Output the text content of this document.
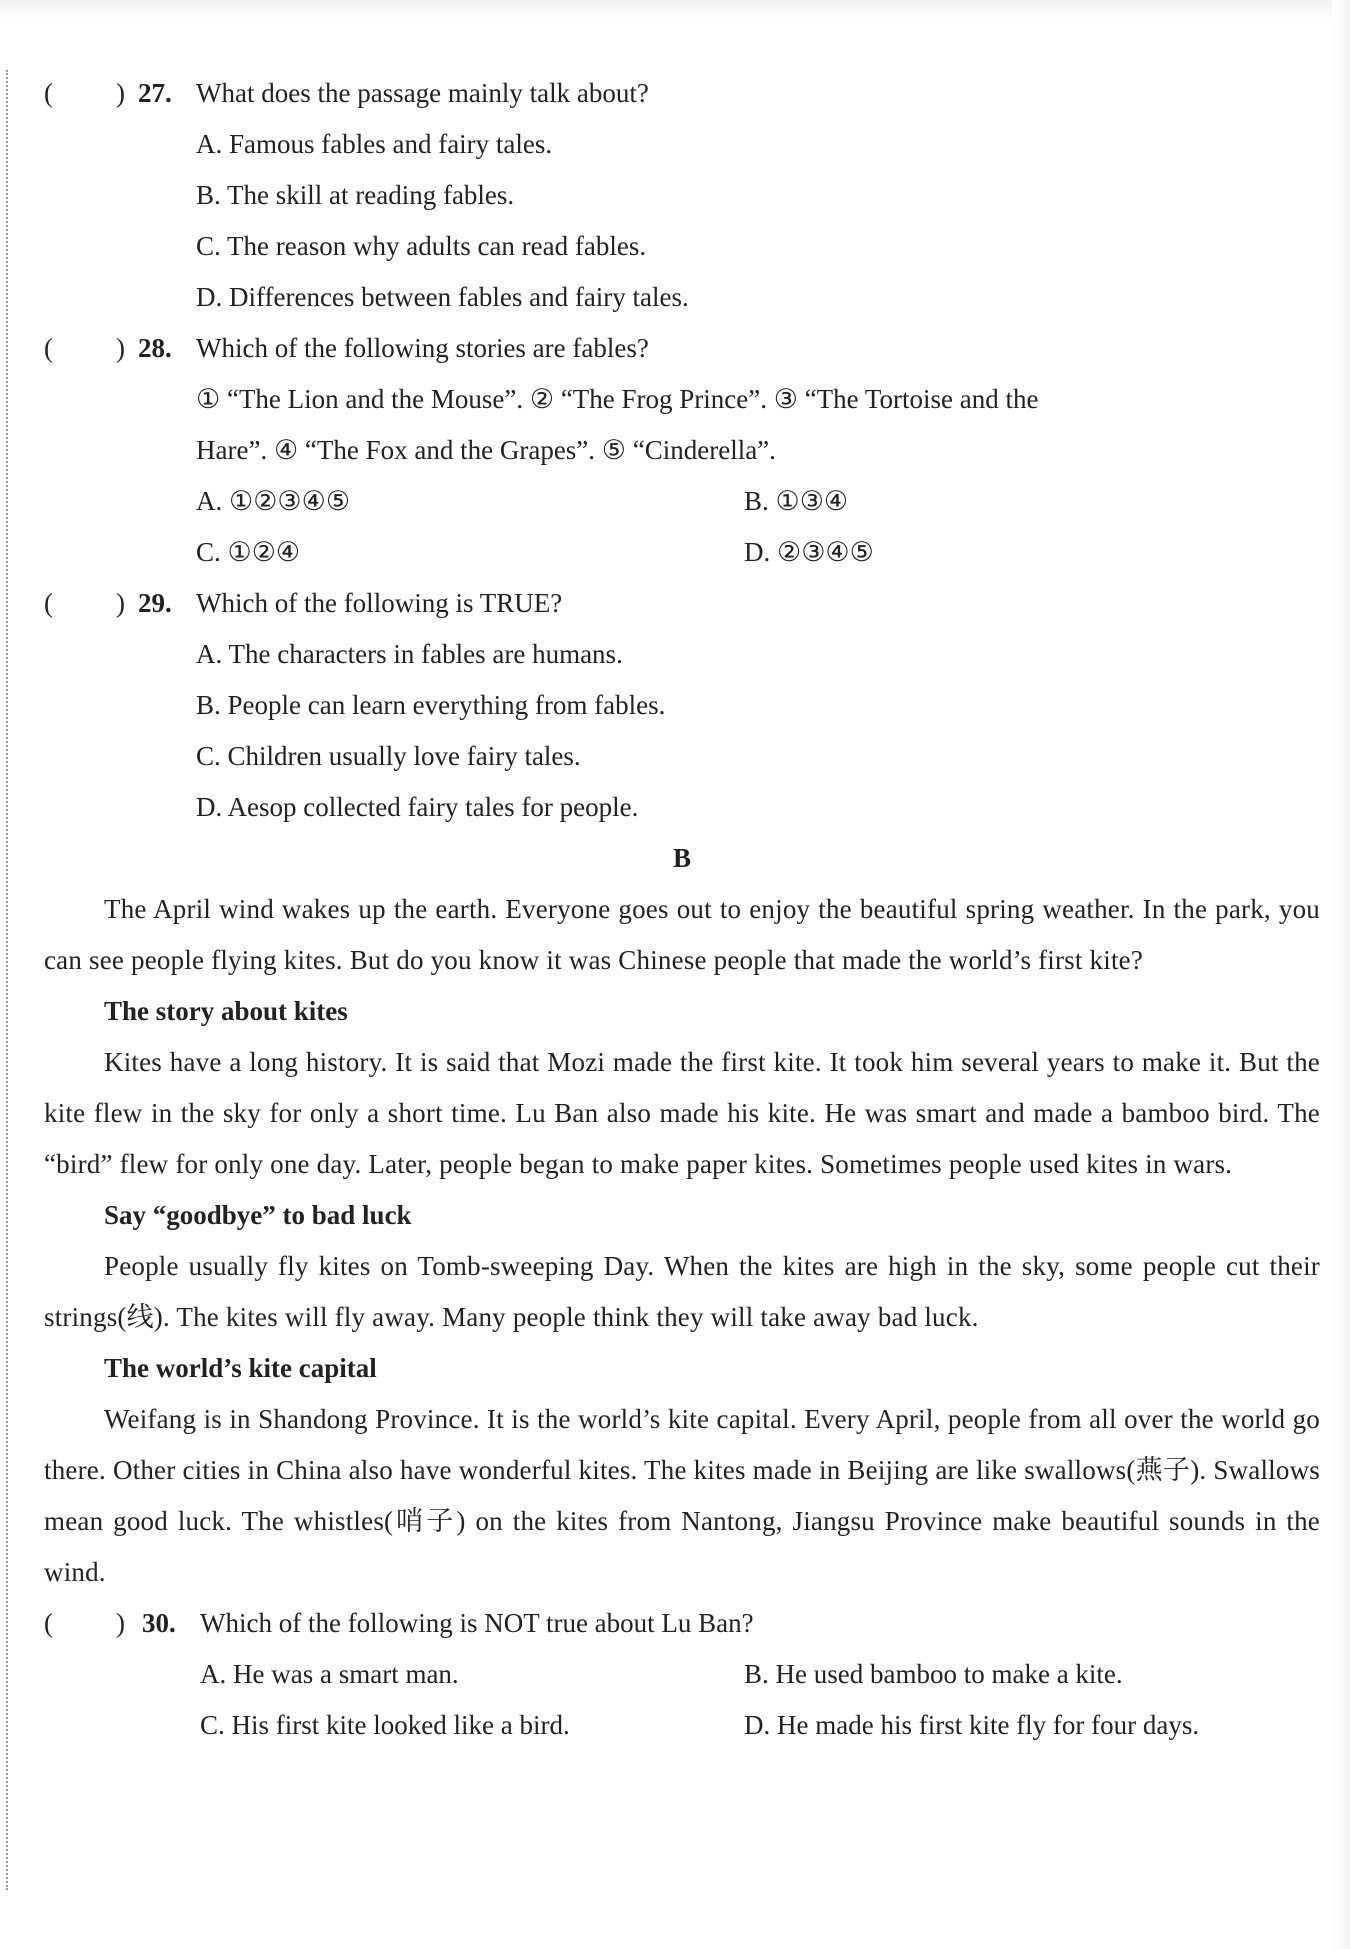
( ) 27. What does the passage mainly talk about?
A. Famous fables and fairy tales.
B. The skill at reading fables.
C. The reason why adults can read fables.
D. Differences between fables and fairy tales.
( ) 28. Which of the following stories are fables?
① “The Lion and the Mouse”. ② “The Frog Prince”. ③ “The Tortoise and the
Hare”. ④ “The Fox and the Grapes”. ⑤ “Cinderella”.
A. ①②③④⑤	B. ①③④
C. ①②④	D. ②③④⑤
( ) 29. Which of the following is TRUE?
A. The characters in fables are humans.
B. People can learn everything from fables.
C. Children usually love fairy tales.
D. Aesop collected fairy tales for people.
B

The April wind wakes up the earth. Everyone goes out to enjoy the beautiful spring weather. In the park, you can see people flying kites. But do you know it was Chinese people that made the world’s first kite?

The story about kites

Kites have a long history. It is said that Mozi made the first kite. It took him several years to make it. But the kite flew in the sky for only a short time. Lu Ban also made his kite. He was smart and made a bamboo bird. The “bird” flew for only one day. Later, people began to make paper kites. Sometimes people used kites in wars.

Say “goodbye” to bad luck

People usually fly kites on Tomb-sweeping Day. When the kites are high in the sky, some people cut their strings(线). The kites will fly away. Many people think they will take away bad luck.

The world’s kite capital

Weifang is in Shandong Province. It is the world’s kite capital. Every April, people from all over the world go there. Other cities in China also have wonderful kites. The kites made in Beijing are like swallows(燕子). Swallows mean good luck. The whistles(哨子) on the kites from Nantong, Jiangsu Province make beautiful sounds in the wind.

( ) 30. Which of the following is NOT true about Lu Ban?
A. He was a smart man.	B. He used bamboo to make a kite.
C. His first kite looked like a bird.	D. He made his first kite fly for four days.
